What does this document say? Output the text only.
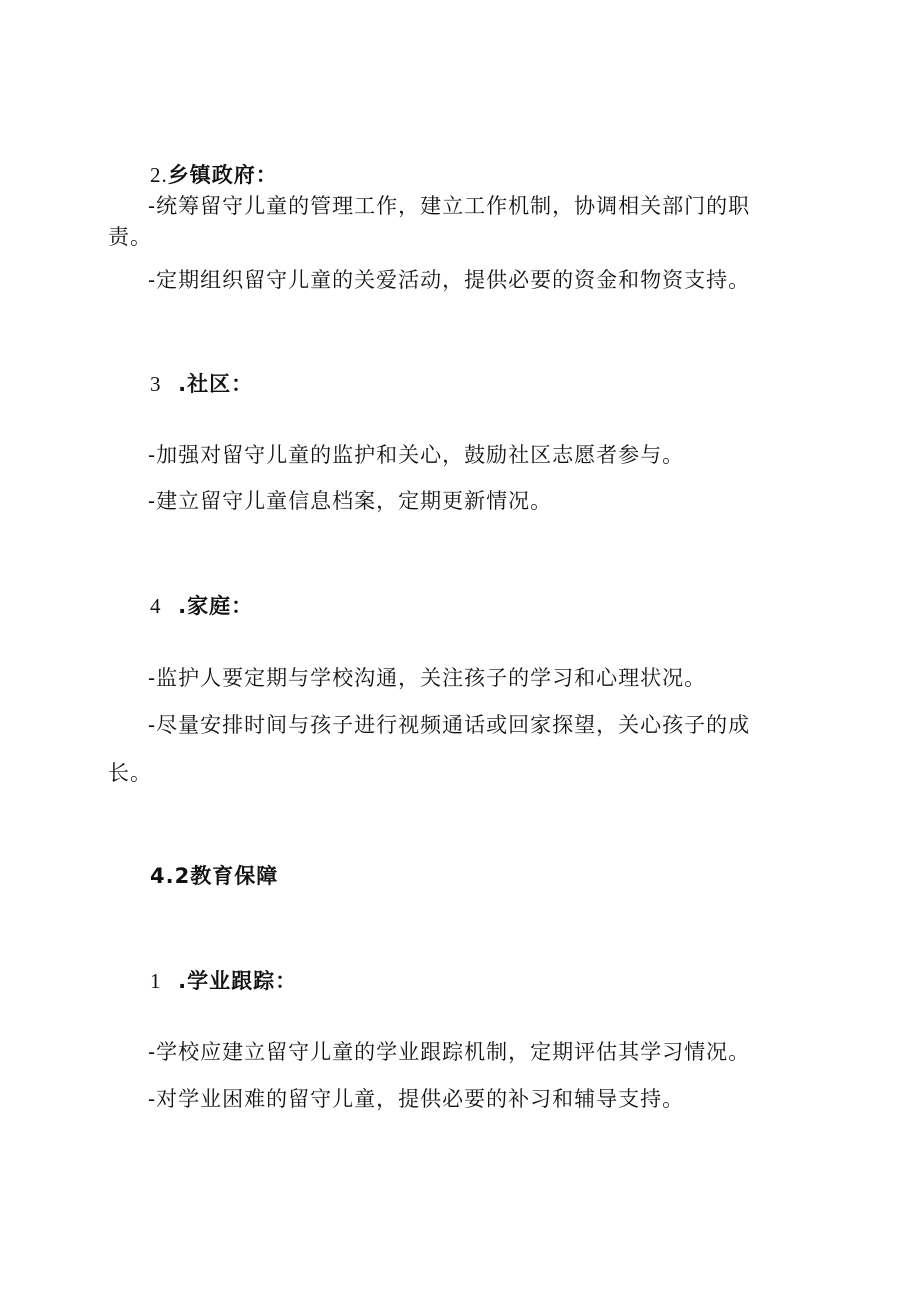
2.乡镇政府：
-统筹留守儿童的管理工作，建立工作机制，协调相关部门的职
责。
-定期组织留守儿童的关爱活动，提供必要的资金和物资支持。
3 .社区：
-加强对留守儿童的监护和关心，鼓励社区志愿者参与。
-建立留守儿童信息档案，定期更新情况。
4 .家庭：
-监护人要定期与学校沟通，关注孩子的学习和心理状况。
-尽量安排时间与孩子进行视频通话或回家探望，关心孩子的成
长。
4.2教育保障
1 .学业跟踪：
-学校应建立留守儿童的学业跟踪机制，定期评估其学习情况。
-对学业困难的留守儿童，提供必要的补习和辅导支持。
